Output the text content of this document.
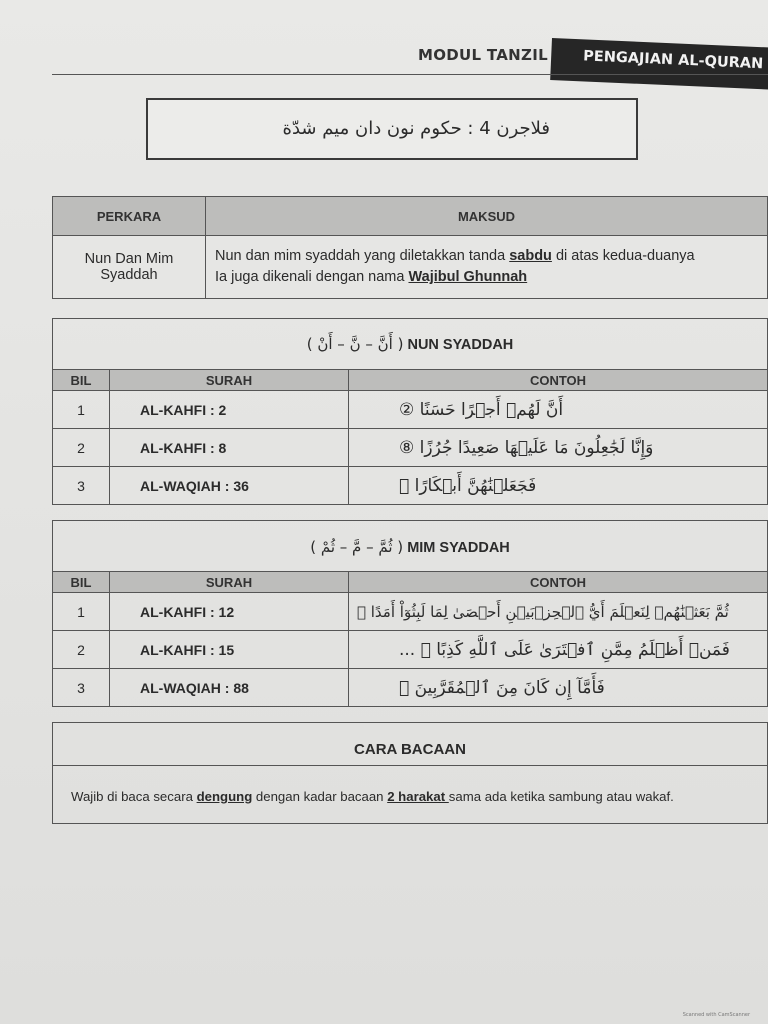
MODUL TANZIL PENGAJIAN AL-QURAN
فلاجرن 4 : حکوم نون دان میم شدّة
PERKARA	MAKSUD
Nun Dan Mim Syaddah	Nun dan mim syaddah yang diletakkan tanda sabdu di atas kedua-duanya
Ia juga dikenali dengan nama Wajibul Ghunnah
( أَنَّ – نَّ – أَنْ ) NUN SYADDAH
BIL	SURAH	CONTOH
1	AL-KAHFI : 2	أَنَّ لَهُمۡ أَجۡرًا حَسَنًا ②
2	AL-KAHFI : 8	وَإِنَّا لَجَٰعِلُونَ مَا عَلَيۡهَا صَعِيدًا جُرُزًا ⑧
3	AL-WAQIAH : 36	فَجَعَلۡنَٰهُنَّ أَبۡكَارًا ㊱
( ثُمَّ – مَّ – ثُمْ ) MIM SYADDAH
BIL	SURAH	CONTOH
1	AL-KAHFI : 12	ثُمَّ بَعَثۡنَٰهُمۡ لِنَعۡلَمَ أَيُّ ٱلۡحِزۡبَيۡنِ أَحۡصَىٰ لِمَا لَبِثُوٓاْ أَمَدًا ⑫
2	AL-KAHFI : 15	فَمَنۡ أَظۡلَمُ مِمَّنِ ٱفۡتَرَىٰ عَلَى ٱللَّهِ كَذِبًا ⑮ ...
3	AL-WAQIAH : 88	فَأَمَّآ إِن كَانَ مِنَ ٱلۡمُقَرَّبِينَ ㊽
CARA BACAAN
Wajib di baca secara dengung dengan kadar bacaan 2 harakat sama ada ketika sambung atau wakaf.
Scanned with CamScanner
